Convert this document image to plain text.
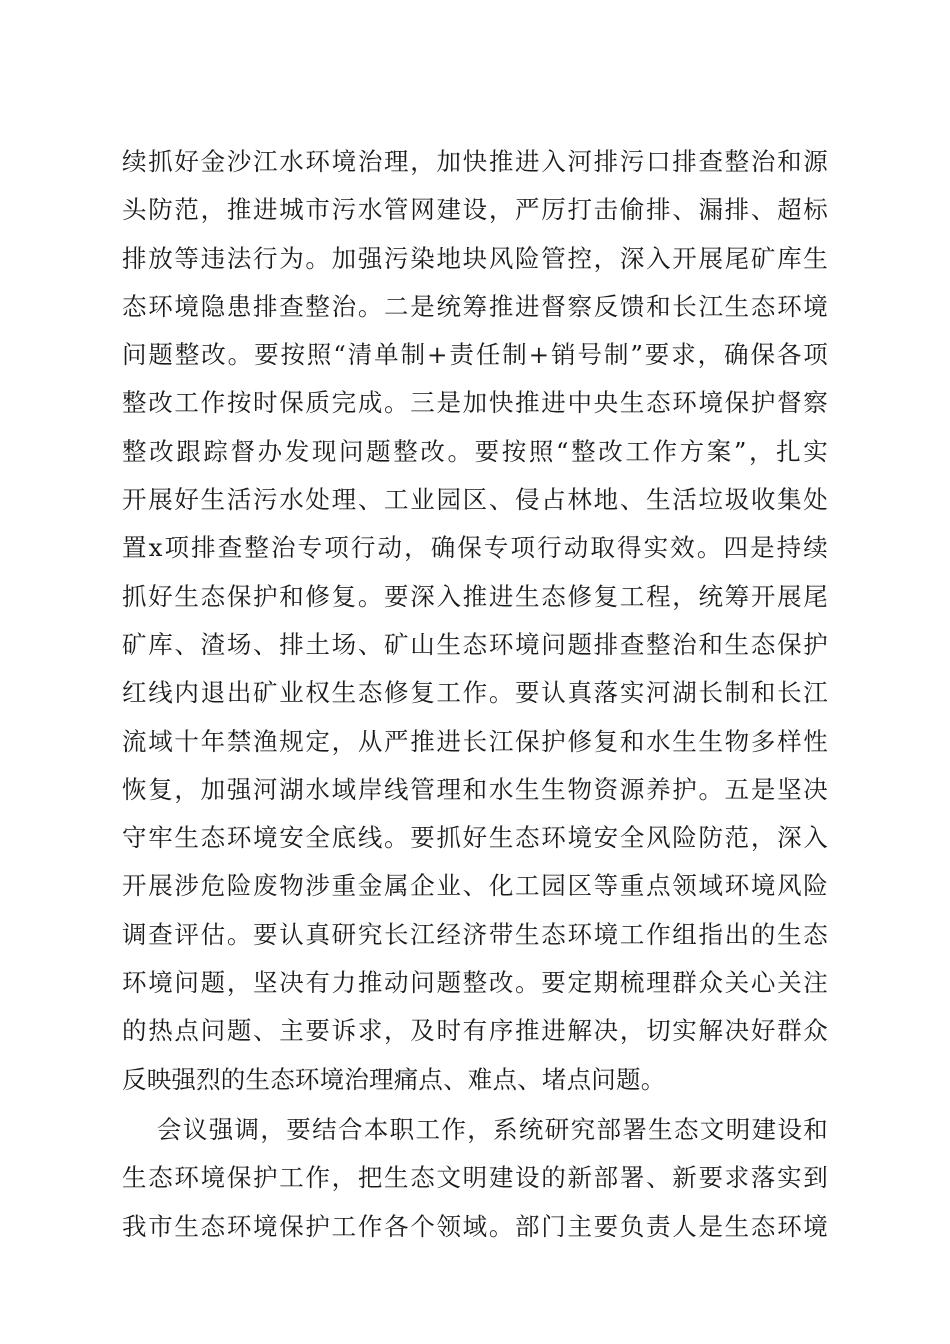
续抓好金沙江水环境治理，加快推进入河排污口排查整治和源
头防范，推进城市污水管网建设，严厉打击偷排、漏排、超标
排放等违法行为。加强污染地块风险管控，深入开展尾矿库生
态环境隐患排查整治。二是统筹推进督察反馈和长江生态环境
问题整改。要按照“清单制+责任制+销号制”要求，确保各项
整改工作按时保质完成。三是加快推进中央生态环境保护督察
整改跟踪督办发现问题整改。要按照“整改工作方案”，扎实
开展好生活污水处理、工业园区、侵占林地、生活垃圾收集处
置x项排查整治专项行动，确保专项行动取得实效。四是持续
抓好生态保护和修复。要深入推进生态修复工程，统筹开展尾
矿库、渣场、排土场、矿山生态环境问题排查整治和生态保护
红线内退出矿业权生态修复工作。要认真落实河湖长制和长江
流域十年禁渔规定，从严推进长江保护修复和水生生物多样性
恢复，加强河湖水域岸线管理和水生生物资源养护。五是坚决
守牢生态环境安全底线。要抓好生态环境安全风险防范，深入
开展涉危险废物涉重金属企业、化工园区等重点领域环境风险
调查评估。要认真研究长江经济带生态环境工作组指出的生态
环境问题，坚决有力推动问题整改。要定期梳理群众关心关注
的热点问题、主要诉求，及时有序推进解决，切实解决好群众
反映强烈的生态环境治理痛点、难点、堵点问题。
会议强调，要结合本职工作，系统研究部署生态文明建设和
生态环境保护工作，把生态文明建设的新部署、新要求落实到
我市生态环境保护工作各个领域。部门主要负责人是生态环境
